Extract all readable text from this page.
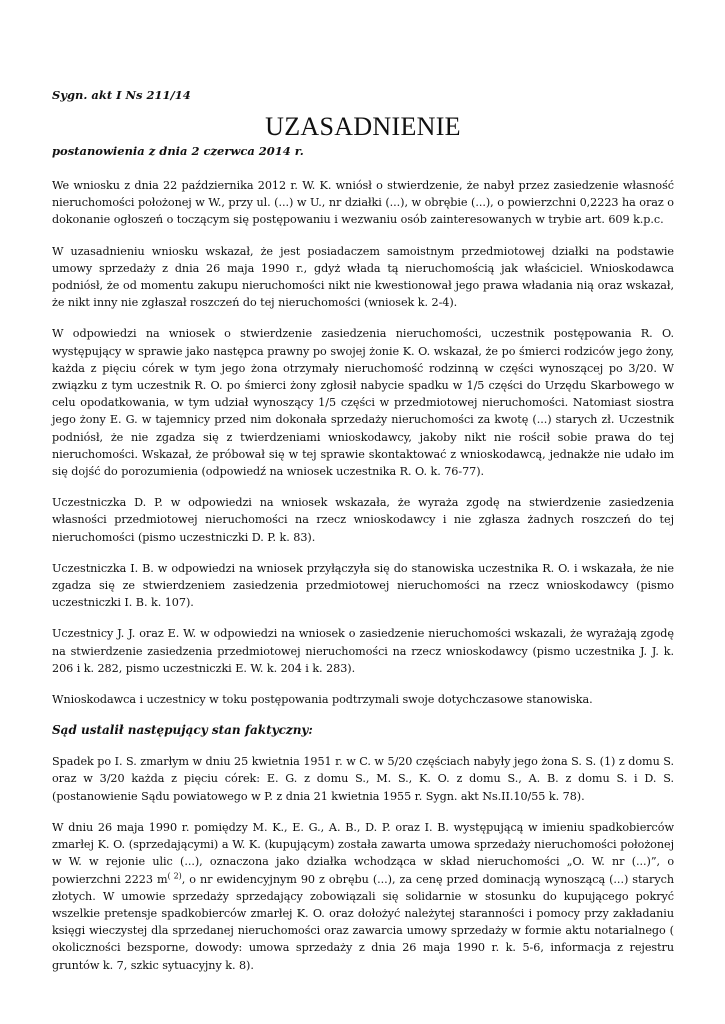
Sygn. akt I Ns 211/14
UZASADNIENIE
postanowienia z dnia 2 czerwca 2014 r.

We wniosku z dnia 22 października 2012 r. W. K. wniósł o stwierdzenie, że nabył przez zasiedzenie własność nieruchomości położonej w W., przy ul. (...) w U., nr działki (...), w obrębie (...), o powierzchni 0,2223 ha oraz o dokonanie ogłoszeń o toczącym się postępowaniu i wezwaniu osób zainteresowanych w trybie art. 609 k.p.c.

W uzasadnieniu wniosku wskazał, że jest posiadaczem samoistnym przedmiotowej działki na podstawie umowy sprzedaży z dnia 26 maja 1990 r., gdyż włada tą nieruchomością jak właściciel. Wnioskodawca podniósł, że od momentu zakupu nieruchomości nikt nie kwestionował jego prawa władania nią oraz wskazał, że nikt inny nie zgłaszał roszczeń do tej nieruchomości (wniosek k. 2-4).

W odpowiedzi na wniosek o stwierdzenie zasiedzenia nieruchomości, uczestnik postępowania R. O. występujący w sprawie jako następca prawny po swojej żonie K. O. wskazał, że po śmierci rodziców jego żony, każda z pięciu córek w tym jego żona otrzymały nieruchomość rodzinną w części wynoszącej po 3/20. W związku z tym uczestnik R. O. po śmierci żony zgłosił nabycie spadku w 1/5 części do Urzędu Skarbowego w celu opodatkowania, w tym udział wynoszący 1/5 części w przedmiotowej nieruchomości. Natomiast siostra jego żony E. G. w tajemnicy przed nim dokonała sprzedaży nieruchomości za kwotę (...) starych zł. Uczestnik podniósł, że nie zgadza się z twierdzeniami wnioskodawcy, jakoby nikt nie rościł sobie prawa do tej nieruchomości. Wskazał, że próbował się w tej sprawie skontaktować z wnioskodawcą, jednakże nie udało im się dojść do porozumienia (odpowiedź na wniosek uczestnika R. O. k. 76-77).

Uczestniczka D. P. w odpowiedzi na wniosek wskazała, że wyraża zgodę na stwierdzenie zasiedzenia własności przedmiotowej nieruchomości na rzecz wnioskodawcy i nie zgłasza żadnych roszczeń do tej nieruchomości (pismo uczestniczki D. P. k. 83).

Uczestniczka I. B. w odpowiedzi na wniosek przyłączyła się do stanowiska uczestnika R. O. i wskazała, że nie zgadza się ze stwierdzeniem zasiedzenia przedmiotowej nieruchomości na rzecz wnioskodawcy (pismo uczestniczki I. B. k. 107).

Uczestnicy J. J. oraz E. W. w odpowiedzi na wniosek o zasiedzenie nieruchomości wskazali, że wyrażają zgodę na stwierdzenie zasiedzenia przedmiotowej nieruchomości na rzecz wnioskodawcy (pismo uczestnika J. J. k. 206 i k. 282, pismo uczestniczki E. W. k. 204 i k. 283).

Wnioskodawca i uczestnicy w toku postępowania podtrzymali swoje dotychczasowe stanowiska.

Sąd ustalił następujący stan faktyczny:

Spadek po I. S. zmarłym w dniu 25 kwietnia 1951 r. w C. w 5/20 częściach nabyły jego żona S. S. (1) z domu S. oraz w 3/20 każda z pięciu córek: E. G. z domu S., M. S., K. O. z domu S., A. B. z domu S. i D. S. (postanowienie Sądu powiatowego w P. z dnia 21 kwietnia 1955 r. Sygn. akt Ns.II.10/55 k. 78).

W dniu 26 maja 1990 r. pomiędzy M. K., E. G., A. B., D. P. oraz I. B. występującą w imieniu spadkobierców zmarłej K. O. (sprzedającymi) a W. K. (kupującym) została zawarta umowa sprzedaży nieruchomości położonej w W. w rejonie ulic (...), oznaczona jako działka wchodząca w skład nieruchomości „O. W. nr (...)”, o powierzchni 2223 $m^{( 2)}$, o nr ewidencyjnym 90 z obrębu (...), za cenę przed dominacją wynoszącą (...) starych złotych. W umowie sprzedaży sprzedający zobowiązali się solidarnie w stosunku do kupującego pokryć wszelkie pretensje spadkobierców zmarłej K. O. oraz dołożyć należytej staranności i pomocy przy zakładaniu księgi wieczystej dla sprzedanej nieruchomości oraz zawarcia umowy sprzedaży w formie aktu notarialnego ( okoliczności bezsporne, dowody: umowa sprzedaży z dnia 26 maja 1990 r. k. 5-6, informacja z rejestru gruntów k. 7, szkic sytuacyjny k. 8).
